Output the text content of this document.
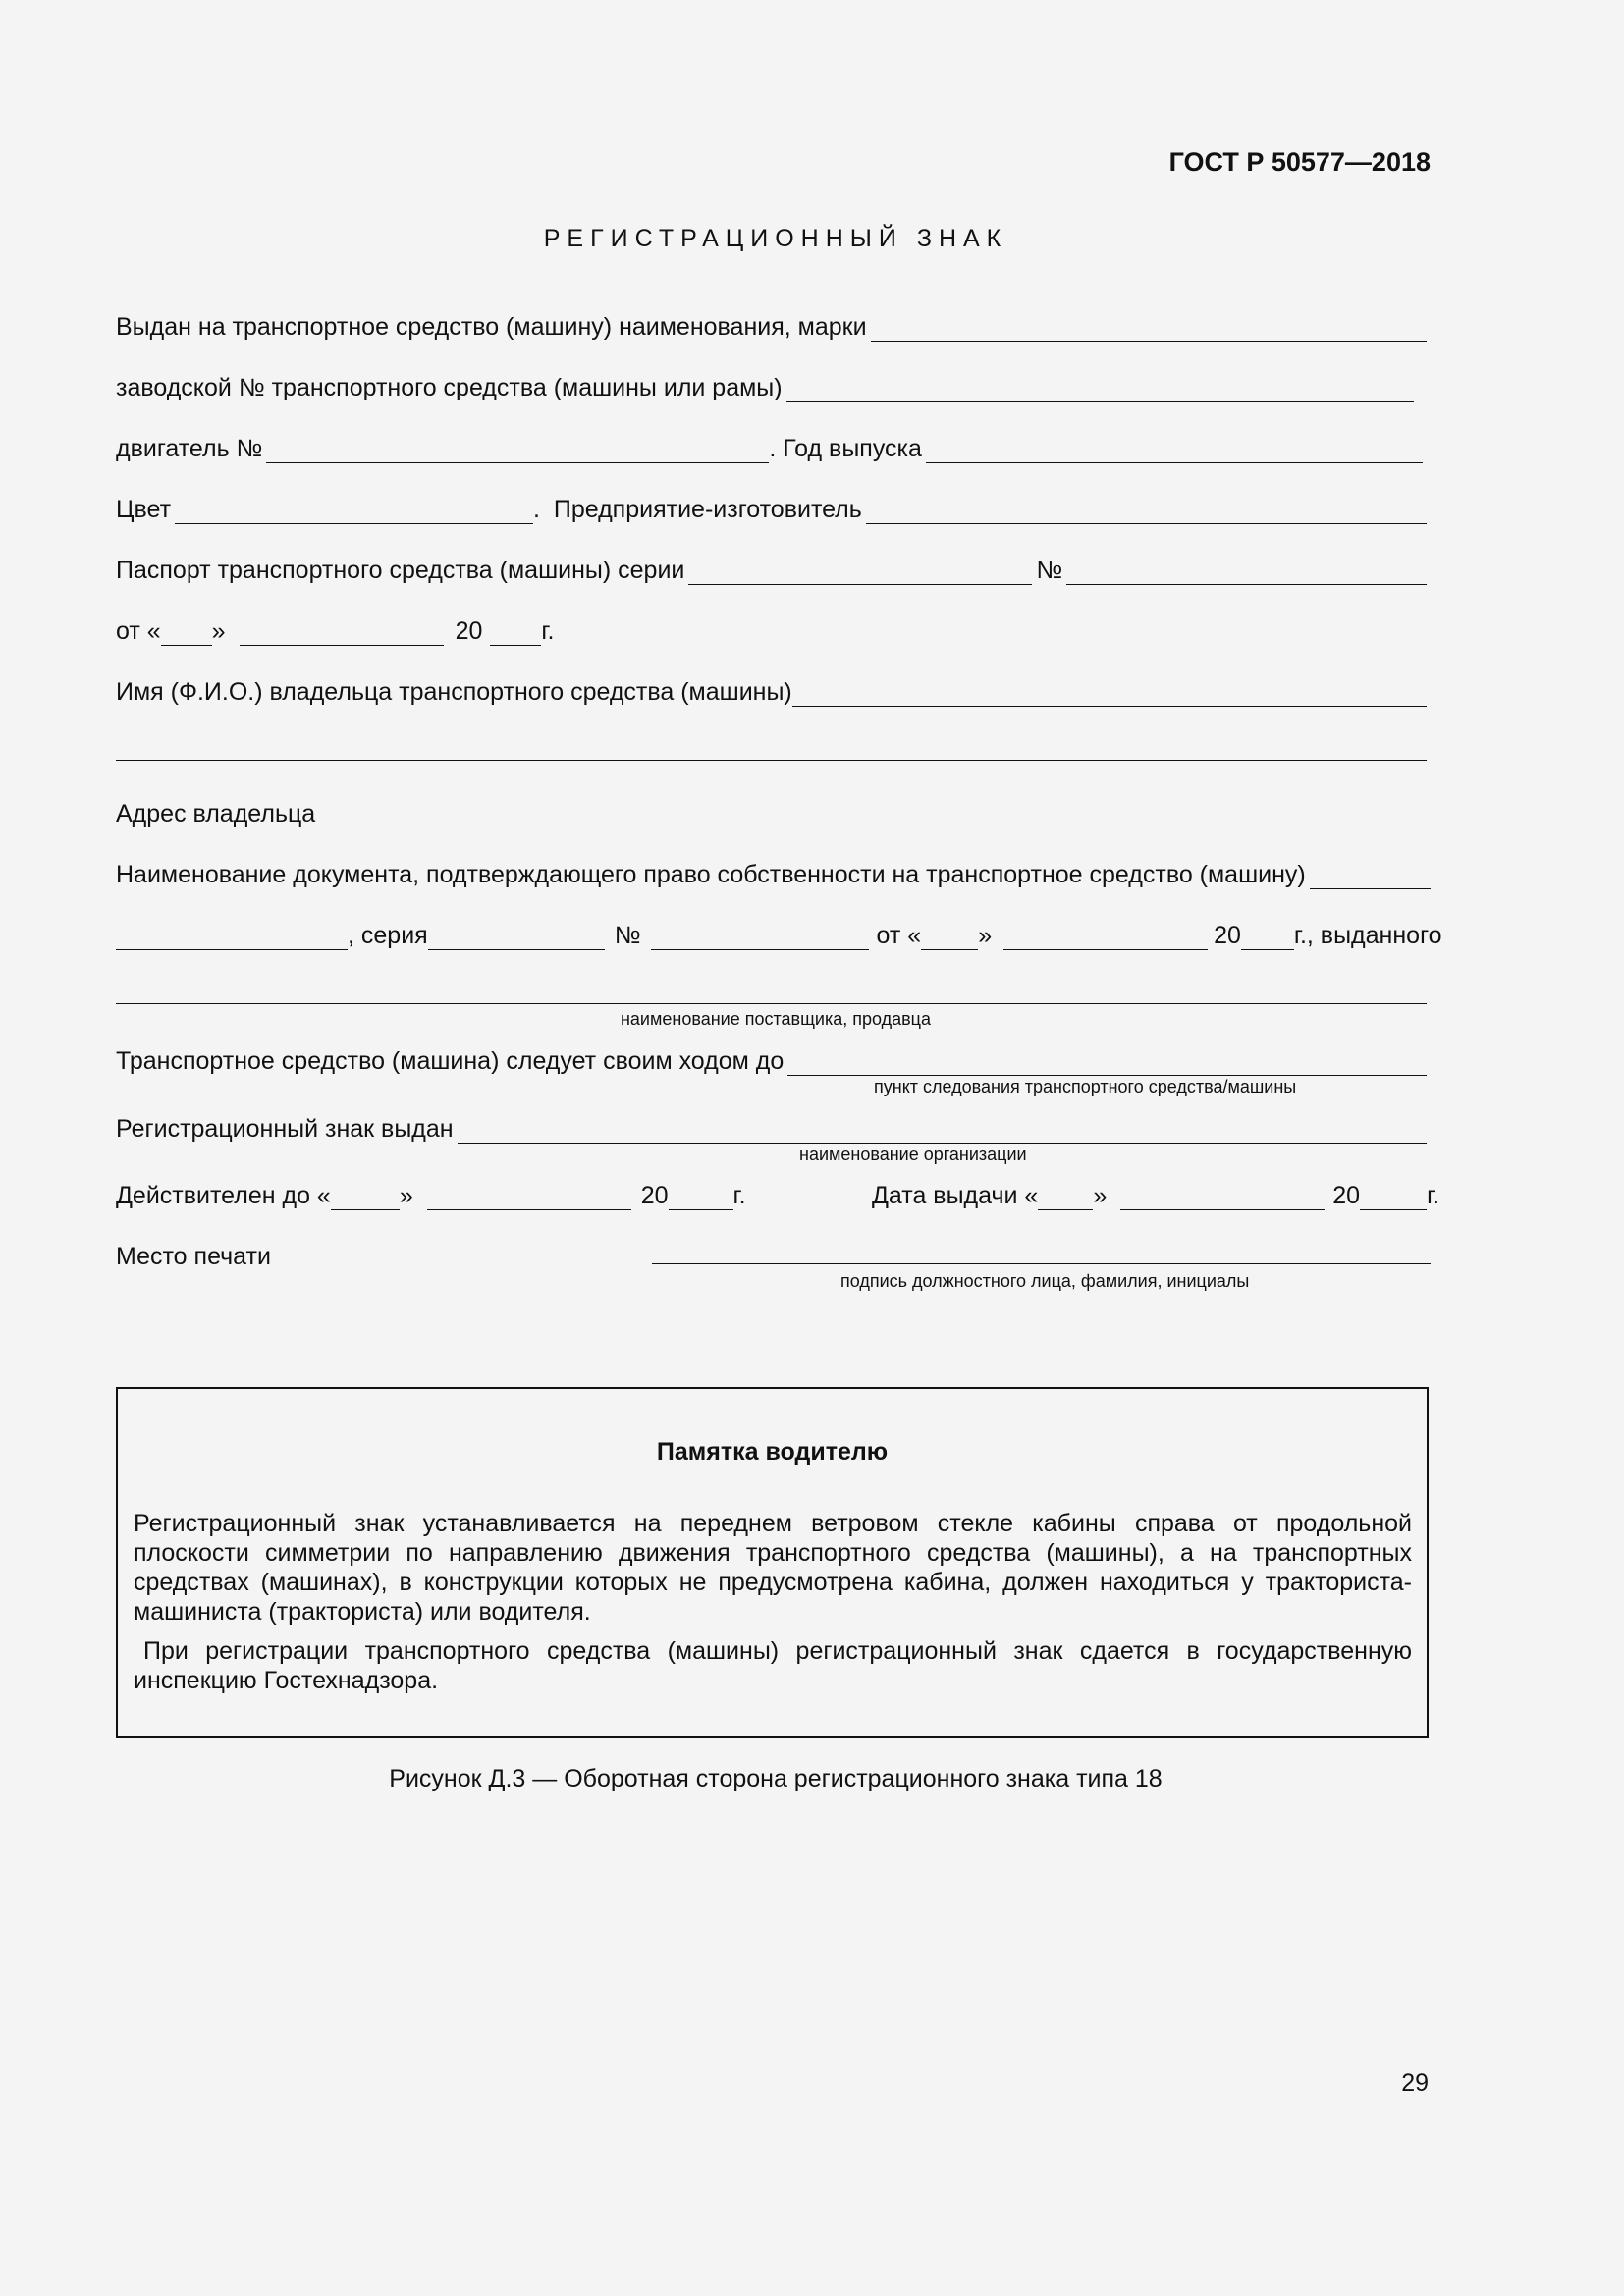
ГОСТ Р 50577—2018
РЕГИСТРАЦИОННЫЙ ЗНАК
Выдан на транспортное средство (машину) наименования, марки
заводской № транспортного средства (машины или рамы)
двигатель №	. Год выпуска
Цвет	.  Предприятие-изготовитель
Паспорт транспортного средства (машины) серии	№
от « »	20 г.
Имя (Ф.И.О.) владельца транспортного средства (машины)
Адрес владельца
Наименование документа, подтверждающего право собственности на транспортное средство (машину)
, серия	№	от « »	20 г., выданного
наименование поставщика, продавца
Транспортное средство (машина) следует своим ходом до
пункт следования транспортного средства/машины
Регистрационный знак выдан
наименование организации
Действителен до «	»	20	г.	Дата выдачи « »	20	г.
Место печати
подпись должностного лица, фамилия, инициалы
Памятка водителю
Регистрационный знак устанавливается на переднем ветровом стекле кабины справа от продольной плоскости симметрии по направлению движения транспортного средства (машины), а на транспортных средствах (машинах), в конструкции которых не предусмотрена кабина, должен находиться у тракториста-машиниста (тракториста) или водителя.
При регистрации транспортного средства (машины) регистрационный знак сдается в государственную инспекцию Гостехнадзора.
Рисунок Д.3 — Оборотная сторона регистрационного знака типа 18
29
